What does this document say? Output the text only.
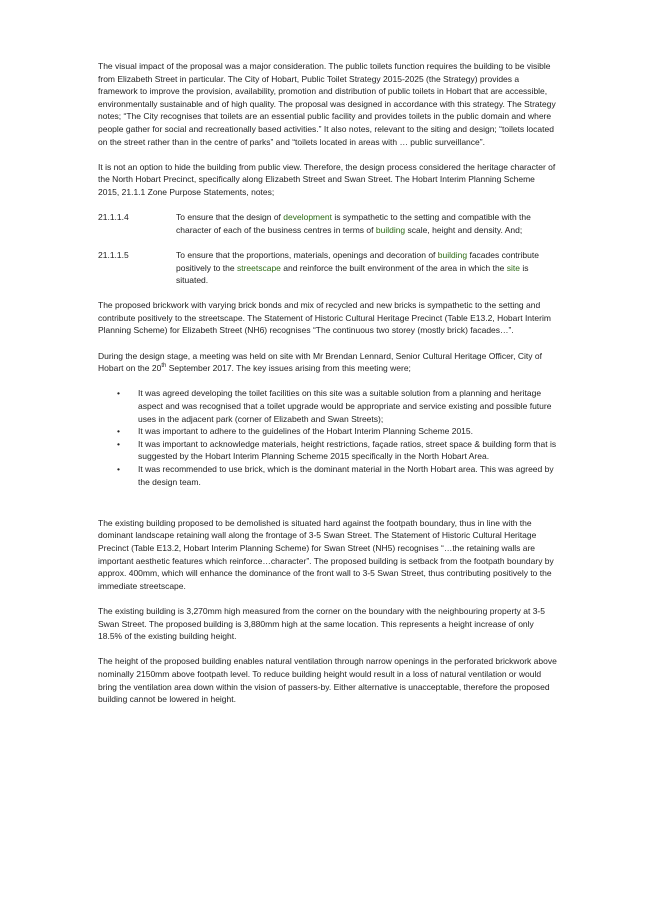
The visual impact of the proposal was a major consideration. The public toilets function requires the building to be visible from Elizabeth Street in particular. The City of Hobart, Public Toilet Strategy 2015-2025 (the Strategy) provides a framework to improve the provision, availability, promotion and distribution of public toilets in Hobart that are accessible, environmentally sustainable and of high quality. The proposal was designed in accordance with this strategy. The Strategy notes; “The City recognises that toilets are an essential public facility and provides toilets in the public domain and where people gather for social and recreationally based activities.” It also notes, relevant to the siting and design; “toilets located on the street rather than in the centre of parks” and “toilets located in areas with … public surveillance”.

It is not an option to hide the building from public view. Therefore, the design process considered the heritage character of the North Hobart Precinct, specifically along Elizabeth Street and Swan Street. The Hobart Interim Planning Scheme 2015, 21.1.1 Zone Purpose Statements, notes;

21.1.1.4	To ensure that the design of development is sympathetic to the setting and compatible with the character of each of the business centres in terms of building scale, height and density. And;
21.1.1.5	To ensure that the proportions, materials, openings and decoration of building facades contribute positively to the streetscape and reinforce the built environment of the area in which the site is situated.

The proposed brickwork with varying brick bonds and mix of recycled and new bricks is sympathetic to the setting and contribute positively to the streetscape. The Statement of Historic Cultural Heritage Precinct (Table E13.2, Hobart Interim Planning Scheme) for Elizabeth Street (NH6) recognises “The continuous two storey (mostly brick) facades…”.

During the design stage, a meeting was held on site with Mr Brendan Lennard, Senior Cultural Heritage Officer, City of Hobart on the 20th September 2017. The key issues arising from this meeting were;

• It was agreed developing the toilet facilities on this site was a suitable solution from a planning and heritage aspect and was recognised that a toilet upgrade would be appropriate and service existing and possible future uses in the adjacent park (corner of Elizabeth and Swan Streets);
• It was important to adhere to the guidelines of the Hobart Interim Planning Scheme 2015.
• It was important to acknowledge materials, height restrictions, façade ratios, street space & building form that is suggested by the Hobart Interim Planning Scheme 2015 specifically in the North Hobart Area.
• It was recommended to use brick, which is the dominant material in the North Hobart area. This was agreed by the design team.

The existing building proposed to be demolished is situated hard against the footpath boundary, thus in line with the dominant landscape retaining wall along the frontage of 3-5 Swan Street. The Statement of Historic Cultural Heritage Precinct (Table E13.2, Hobart Interim Planning Scheme) for Swan Street (NH5) recognises “…the retaining walls are important aesthetic features which reinforce…character”. The proposed building is setback from the footpath boundary by approx. 400mm, which will enhance the dominance of the front wall to 3-5 Swan Street, thus contributing positively to the immediate streetscape.

The existing building is 3,270mm high measured from the corner on the boundary with the neighbouring property at 3-5 Swan Street. The proposed building is 3,880mm high at the same location. This represents a height increase of only 18.5% of the existing building height.

The height of the proposed building enables natural ventilation through narrow openings in the perforated brickwork above nominally 2150mm above footpath level. To reduce building height would result in a loss of natural ventilation or would bring the ventilation area down within the vision of passers-by. Either alternative is unacceptable, therefore the proposed building cannot be lowered in height.
